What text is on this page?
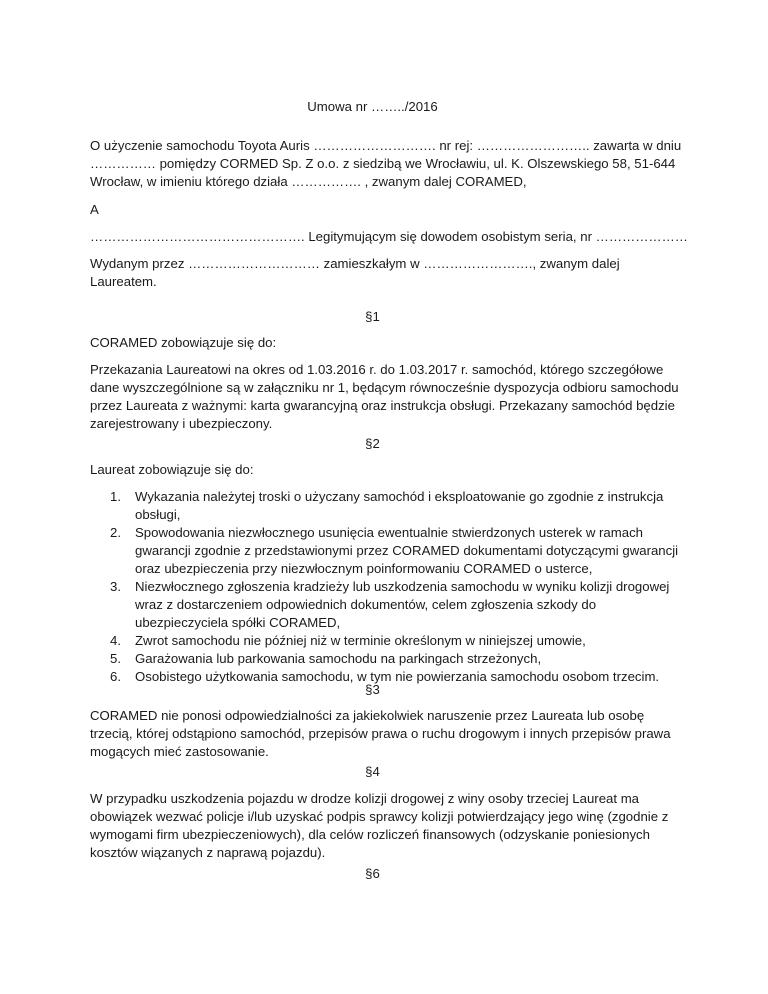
Umowa nr ……../2016

O użyczenie samochodu Toyota Auris ………………………. nr rej: …………………….. zawarta w dniu …………… pomiędzy CORMED Sp. Z o.o. z siedzibą we Wrocławiu, ul. K. Olszewskiego 58, 51-644 Wrocław, w imieniu którego działa ……………. , zwanym dalej CORAMED,

A

…………………………………………. Legitymującym się dowodem osobistym seria, nr …………………

Wydanym przez ………………………… zamieszkałym w ……………………., zwanym dalej Laureatem.

§1

CORAMED zobowiązuje się do:

Przekazania Laureatowi na okres od 1.03.2016 r. do 1.03.2017 r. samochód, którego szczegółowe dane wyszczególnione są w załączniku nr 1, będącym równocześnie dyspozycja odbioru samochodu przez Laureata z ważnymi: karta gwarancyjną oraz instrukcja obsługi. Przekazany samochód będzie zarejestrowany i ubezpieczony.

§2

Laureat zobowiązuje się do:

Wykazania należytej troski o użyczany samochód i eksploatowanie go zgodnie z instrukcja obsługi,
Spowodowania niezwłocznego usunięcia ewentualnie stwierdzonych usterek w ramach gwarancji zgodnie z przedstawionymi przez CORAMED dokumentami dotyczącymi gwarancji oraz ubezpieczenia przy niezwłocznym poinformowaniu CORAMED o usterce,
Niezwłocznego zgłoszenia kradzieży lub uszkodzenia samochodu w wyniku kolizji drogowej wraz z dostarczeniem odpowiednich dokumentów, celem zgłoszenia szkody do ubezpieczyciela spółki CORAMED,
Zwrot samochodu nie później niż w terminie określonym w niniejszej umowie,
Garażowania lub parkowania samochodu na parkingach strzeżonych,
Osobistego użytkowania samochodu, w tym nie powierzania samochodu osobom trzecim.

§3

CORAMED nie ponosi odpowiedzialności za jakiekolwiek naruszenie przez Laureata lub osobę trzecią, której odstąpiono samochód, przepisów prawa o ruchu drogowym i innych przepisów prawa mogących mieć zastosowanie.

§4

W przypadku uszkodzenia pojazdu w drodze kolizji drogowej z winy osoby trzeciej Laureat ma obowiązek wezwać policje i/lub uzyskać podpis sprawcy kolizji potwierdzający jego winę (zgodnie z wymogami firm ubezpieczeniowych), dla celów rozliczeń finansowych (odzyskanie poniesionych kosztów wiązanych z naprawą pojazdu).

§6
